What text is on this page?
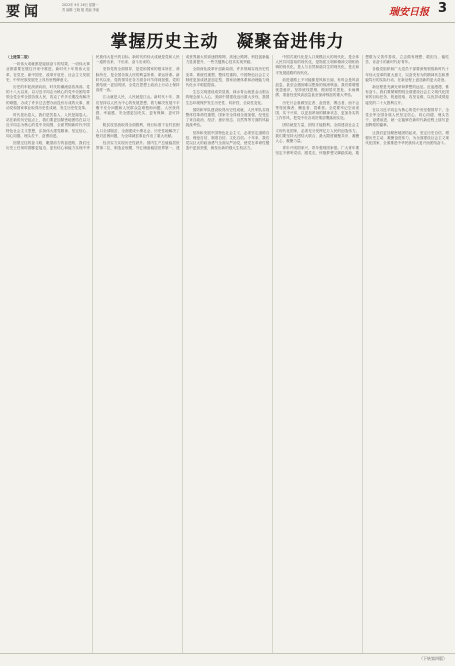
要闻	2022年 9月 26日 星期一
责 编辑 王晓 版 美编 李丽	瑞安日报 3
掌握历史主动　凝聚奋进伟力

（上接第二版）

一切伟大成就都是接续奋斗的结果，一切伟大事业都需要在继往开来中推进。新时代十年的伟大变革，在党史、新中国史、改革开放史、社会主义发展史、中华民族发展史上具有里程碑意义。

历史的车轮滚滚向前，时代的潮流浩浩荡荡。党的十八大以来，以习近平同志为核心的党中央团结带领全党全军全国各族人民，攻克了许多长期没有解决的难题，办成了许多过去想办而没有办成的大事，推动党和国家事业取得历史性成就、发生历史性变革。

时代是出卷人，我们是答卷人，人民是阅卷人。站在新的历史起点上，我们要更加紧密地团结在以习近平同志为核心的党中央周围，全面贯彻新时代中国特色社会主义思想，弘扬伟大建党精神，坚定信心、同心同德，埋头苦干、奋勇前进。

回望过往的奋斗路，眺望前方的奋进路，我们比历史上任何时期都更接近、更有信心和能力实现中华民族伟大复兴的目标。新时代的伟大成就是党和人民一道拼出来、干出来、奋斗出来的。

坚持党的全面领导，是党和国家的根本所在、命脉所在，是全国各族人民的利益所系、命运所系。新时代以来，党的领导在各方面各环节得到加强，党的团结统一更加巩固，全党在思想上政治上行动上保持高度一致。

江山就是人民，人民就是江山。新时代十年，我们坚持以人民为中心的发展思想，着力解决发展不平衡不充分问题和人民群众急难愁盼问题，人民获得感、幸福感、安全感更加充实、更有保障、更可持续。

脱贫攻坚战取得全面胜利，现行标准下农村贫困人口全部脱贫，全面建成小康社会，历史性地解决了绝对贫困问题，为全球减贫事业作出了重大贡献。

经济实力实现历史性跃升。国内生产总值稳居世界第二位，制造业规模、外汇储备稳居世界第一，建成世界最大的高速铁路网、高速公路网，科技创新能力显著提升，一些关键核心技术实现突破。

全面深化改革开创新局面，许多领域实现历史性变革、系统性重塑、整体性重构，中国特色社会主义制度更加成熟更加定型，国家治理体系和治理能力现代化水平明显提高。

生态文明建设成效显著，绿水青山就是金山银山的理念深入人心，美丽中国建设迈出重大步伐，我国生态环境保护发生历史性、转折性、全局性变化。

国防和军队建设取得历史性成就，人民军队实现整体性革命性重塑，国家安全得到全面加强，经受住了来自政治、经济、意识形态、自然界等方面的风险挑战考验。

坚持和发展中国特色社会主义，必须坚定道路自信、理论自信、制度自信、文化自信。十年来，我们党以巨大的政治勇气全面从严治党，使党在革命性锻造中更加坚强，焕发出新的强大生机活力。

中国式现代化是人口规模巨大的现代化，是全体人民共同富裕的现代化，是物质文明和精神文明相协调的现代化，是人与自然和谐共生的现代化，是走和平发展道路的现代化。

前进道路上不可能都是风和日丽，有时会是风高浪急，甚至会遇到难以想象的惊涛骇浪。我们要增强忧患意识，坚持底线思维，做到居安思危、未雨绸缪，准备经受风高浪急甚至惊涛骇浪的重大考验。

历史只会眷顾坚定者、奋进者、搏击者，而不会等待犹豫者、懈怠者、畏难者。全党要牢记空谈误国、实干兴邦，以更加昂扬的精神状态、更加务实的工作作风，把党中央各项决策部署落到实处。

团结就是力量，团结才能胜利。全面建设社会主义现代化国家，必须充分发挥亿万人民的创造伟力。我们要坚持大团结大联合，最大限度凝聚共识、凝聚人心、凝聚力量。

青年兴则国家兴，青年强则国家强。广大青年要坚定不移听党话、跟党走，怀抱梦想又脚踏实地，敢想敢为又善作善成，立志做有理想、敢担当、能吃苦、肯奋斗的新时代好青年。

各级党组织和广大党员干部要深刻领悟新时代十年伟大变革的重大意义，以奋发有为的精神状态和勇毅笃行的实际行动，在新征程上创造新的更大奇迹。

新征程是充满光荣和梦想的远征。征途漫漫，惟有奋斗。我们要紧紧围绕全面建设社会主义现代化国家的目标任务，锐意进取、攻坚克难，以优异成绩迎接党的二十大胜利召开。

在以习近平同志为核心的党中央坚强领导下，全党全军全国各族人民坚定信心、同心同德，埋头苦干、奋勇前进，就一定能够在新时代新征程上续写更加辉煌的篇章。

让我们更加紧密地团结起来，坚定历史自信，增强历史主动，凝聚奋进伟力，为全面建设社会主义现代化国家、全面推进中华民族伟大复兴而团结奋斗。

（下转第四版）
